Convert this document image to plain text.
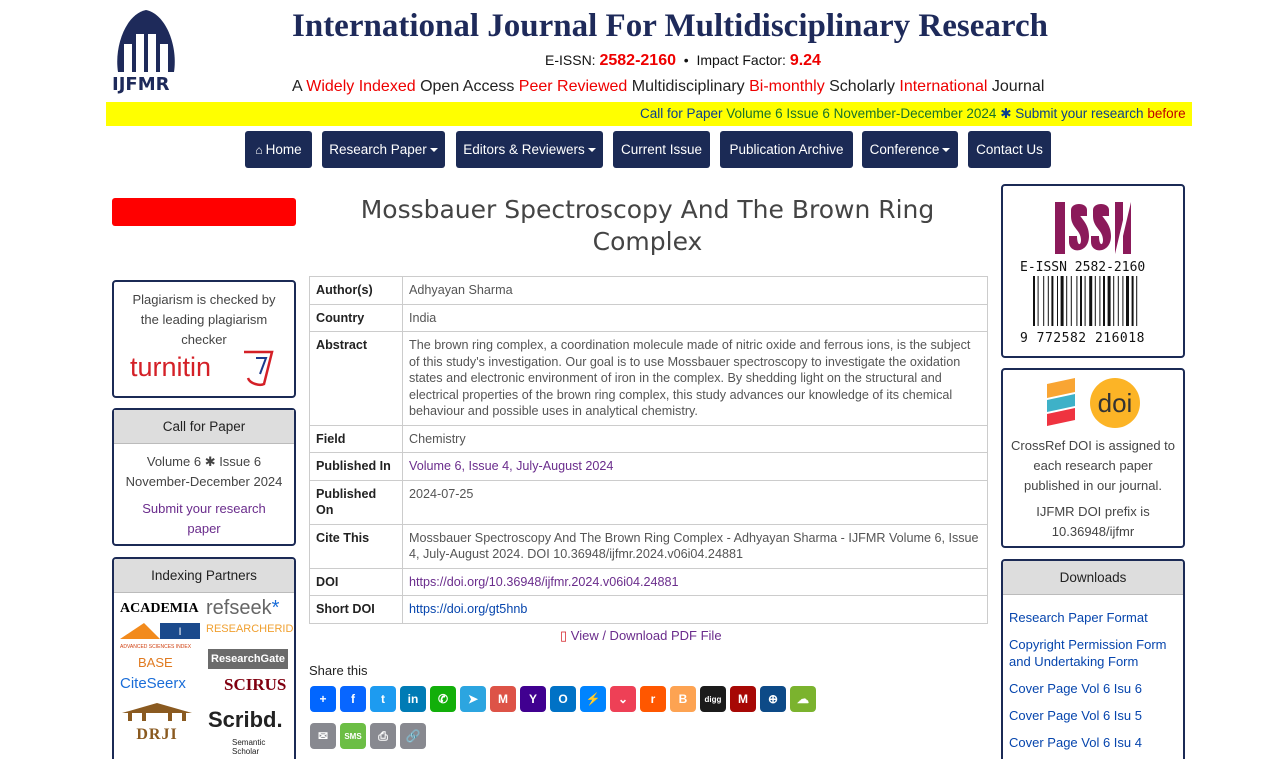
IJFMR
International Journal For Multidisciplinary Research
E-ISSN: 2582-2160 • Impact Factor: 9.24
A Widely Indexed Open Access Peer Reviewed Multidisciplinary Bi-monthly Scholarly International Journal
Call for Paper Volume 6 Issue 6 November-December 2024 ✱ Submit your research before
⌂ Home Research Paper	Editors & Reviewers	Current Issue Publication Archive Conference	Contact Us
Plagiarism is checked by the leading plagiarism checker
turnitin
Call for Paper
Volume 6 ✱ Issue 6
November-December 2024
Submit your research paper
Indexing Partners
ACADEMIA refseek*
I
ADVANCED SCIENCES INDEX
RESEARCHERID
BASE	ResearchGate
CiteSeerx SCIRUS
DRJI
Scribd.
Semantic Scholar
Mossbauer Spectroscopy And The Brown Ring Complex
Author(s)	Adhyayan Sharma
Country	India
Abstract	The brown ring complex, a coordination molecule made of nitric oxide and ferrous ions, is the subject of this study's investigation. Our goal is to use Mossbauer spectroscopy to investigate the oxidation states and electronic environment of iron in the complex. By shedding light on the structural and electrical properties of the brown ring complex, this study advances our knowledge of its chemical behaviour and possible uses in analytical chemistry.
Field	Chemistry
Published In	Volume 6, Issue 4, July-August 2024
Published On	2024-07-25
Cite This	Mossbauer Spectroscopy And The Brown Ring Complex - Adhyayan Sharma - IJFMR Volume 6, Issue 4, July-August 2024. DOI 10.36948/ijfmr.2024.v06i04.24881
DOI	https://doi.org/10.36948/ijfmr.2024.v06i04.24881
Short DOI	https://doi.org/gt5hnb
▯ View / Download PDF File
Share this
+	f	t	in	✆	➤	M	Y	O	⚡	⌄	r	B	digg	M	⊕	☁
✉	SMS	⎙	🔗
E-ISSN 2582-2160
9 772582 216018
doi
CrossRef DOI is assigned to each research paper published in our journal.
IJFMR DOI prefix is 10.36948/ijfmr
Downloads
Research Paper Format
Copyright Permission Form and Undertaking Form
Cover Page Vol 6 Isu 6
Cover Page Vol 6 Isu 5
Cover Page Vol 6 Isu 4
